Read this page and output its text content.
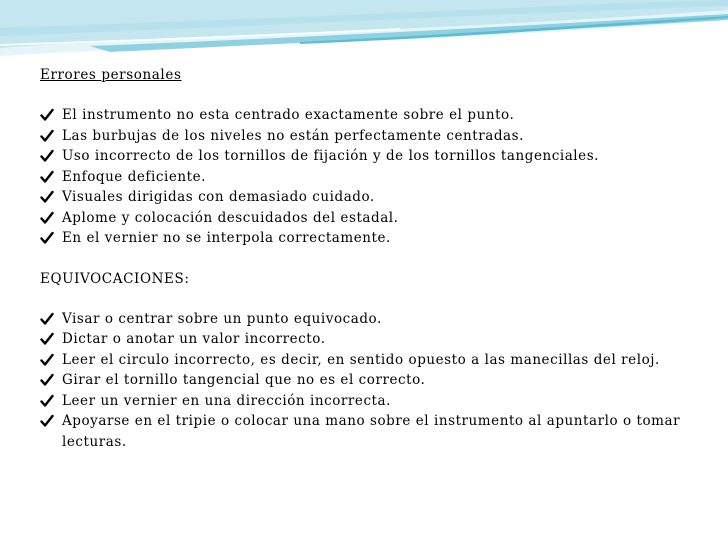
Errores personales

El instrumento no esta centrado exactamente sobre el punto.
Las burbujas de los niveles no están perfectamente centradas.
Uso incorrecto de los tornillos de fijación y de los tornillos tangenciales.
Enfoque deficiente.
Visuales dirigidas con demasiado cuidado.
Aplome y colocación descuidados del estadal.
En el vernier no se interpola correctamente.

EQUIVOCACIONES:

Visar o centrar sobre un punto equivocado.
Dictar o anotar un valor incorrecto.
Leer el circulo incorrecto, es decir, en sentido opuesto a las manecillas del reloj.
Girar el tornillo tangencial que no es el correcto.
Leer un vernier en una dirección incorrecta.
Apoyarse en el tripie o colocar una mano sobre el instrumento al apuntarlo o tomar lecturas.
